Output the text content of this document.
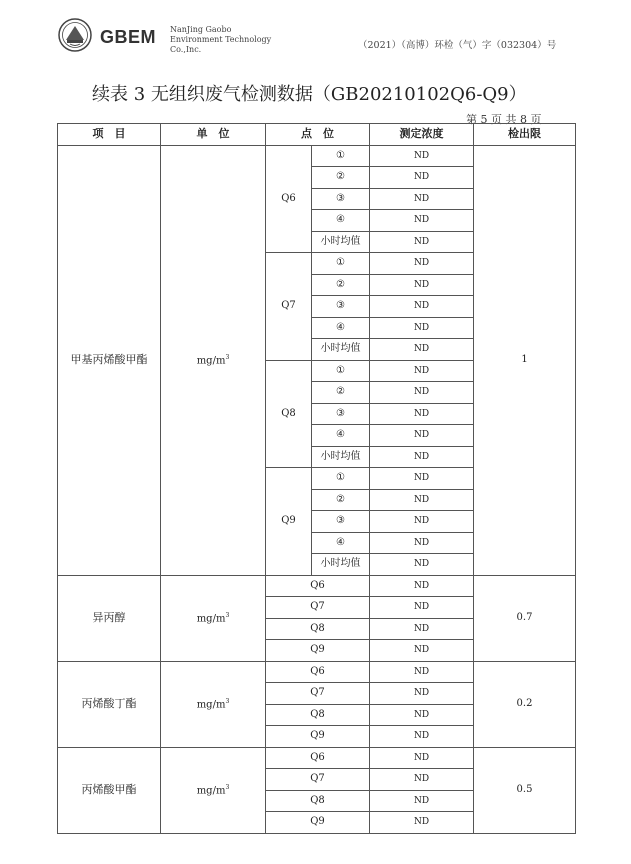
GBEM NanJing Gaobo
Environment Technology
Co.,Inc.	（2021）（高博）环检（气）字（032304）号
续表 3 无组织废气检测数据（GB20210102Q6-Q9）
第 5 页 共 8 页
项　目	单　位	点　位		测定浓度	检出限
甲基丙烯酸甲酯	$mg/m^3$	Q6	①	ND	1
			②	ND	
			③	ND	
			④	ND	
			小时均值	ND	
		Q7	①	ND	
			②	ND	
			③	ND	
			④	ND	
			小时均值	ND	
		Q8	①	ND	
			②	ND	
			③	ND	
			④	ND	
			小时均值	ND	
		Q9	①	ND	
			②	ND	
			③	ND	
			④	ND	
			小时均值	ND	
异丙醇	$mg/m^3$	Q6		ND	0.7
		Q7		ND	
		Q8		ND	
		Q9		ND	
丙烯酸丁酯	$mg/m^3$	Q6		ND	0.2
		Q7		ND	
		Q8		ND	
		Q9		ND	
丙烯酸甲酯	$mg/m^3$	Q6		ND	0.5
		Q7		ND	
		Q8		ND	
		Q9		ND	
